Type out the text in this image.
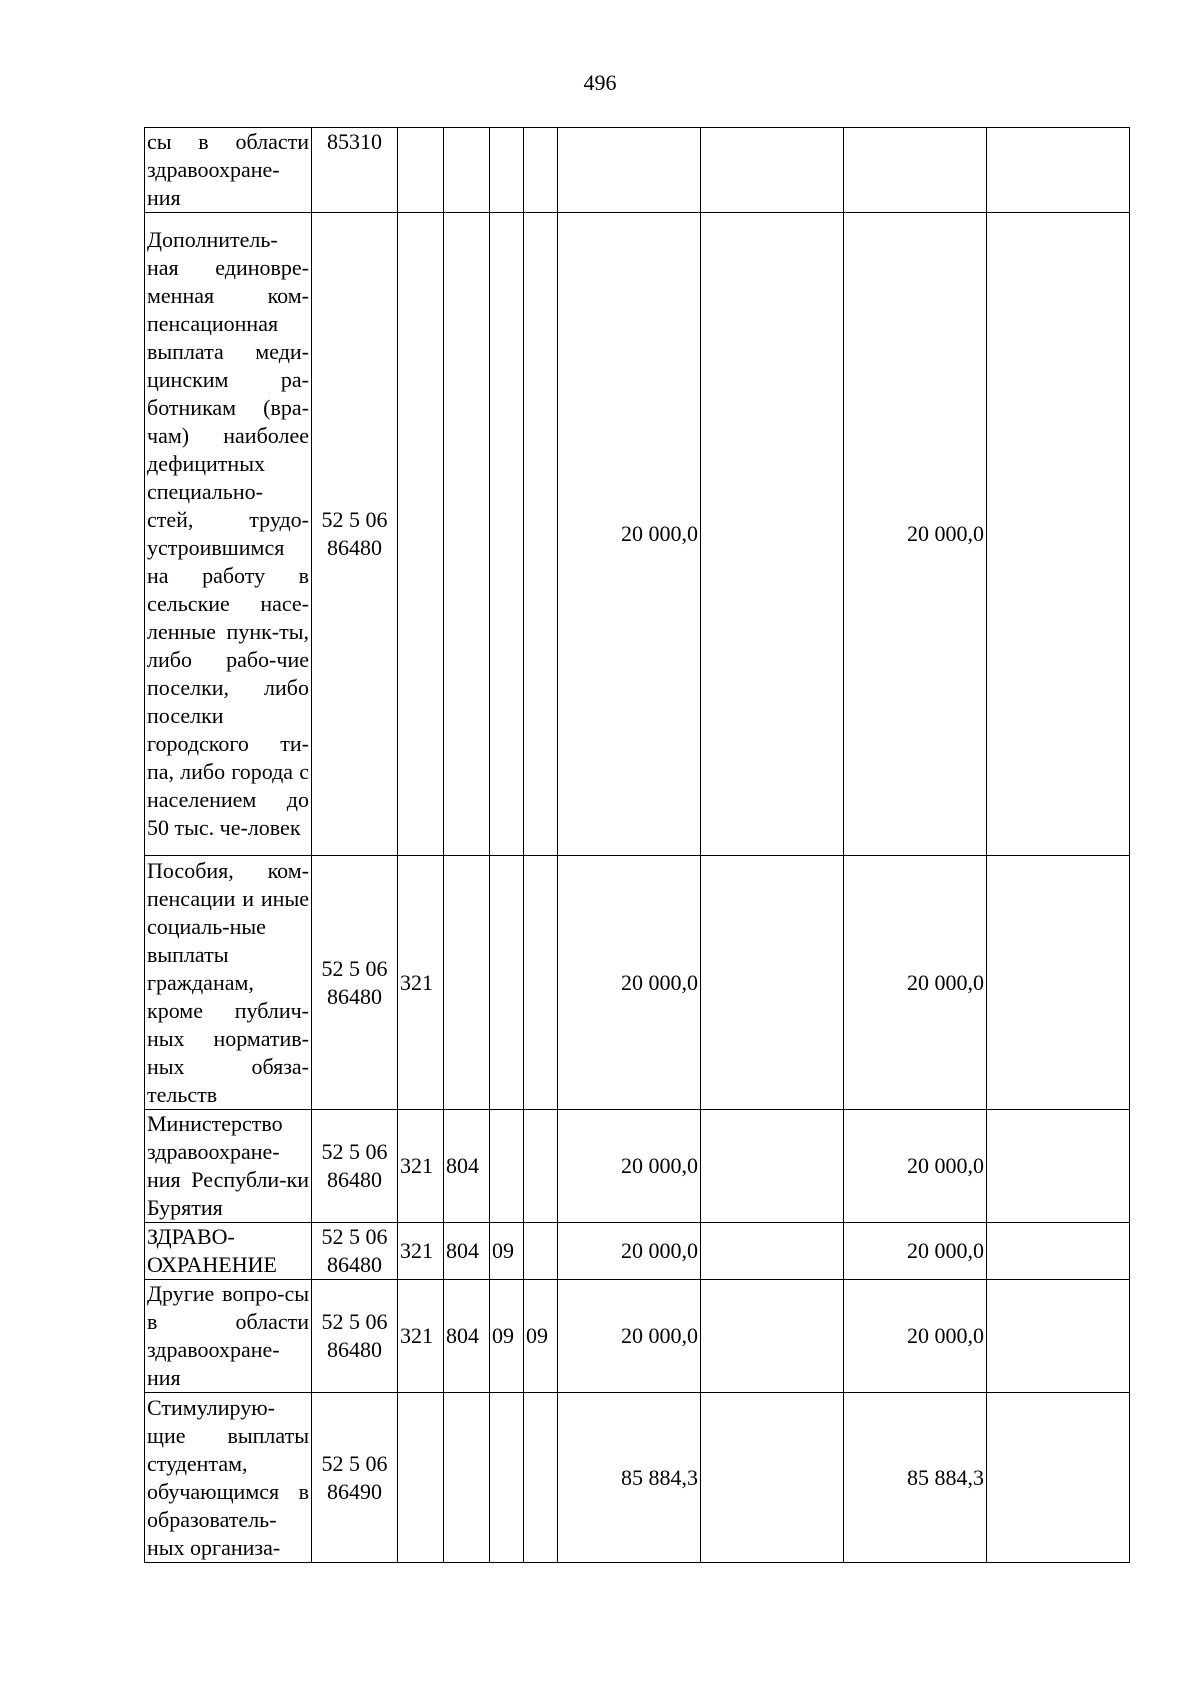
496
сы в области здравоохране-ния	85310								
Дополнитель-ная единовре-менная ком-пенсационная выплата меди-цинским ра-ботникам (вра-чам) наиболее дефицитных специально-стей, трудо-устроившимся на работу в сельские насе-ленные пунк-ты, либо рабо-чие поселки, либо поселки городского ти-па, либо города с населением до 50 тыс. че-ловек	52 5 06 86480					20 000,0		20 000,0	
Пособия, ком-пенсации и иные социаль-ные выплаты гражданам, кроме публич-ных норматив-ных обяза-тельств	52 5 06 86480	321				20 000,0		20 000,0	
Министерство здравоохране-ния Республи-ки Бурятия	52 5 06 86480	321	804			20 000,0		20 000,0	
ЗДРАВО-ОХРАНЕНИЕ	52 5 06 86480	321	804	09		20 000,0		20 000,0	
Другие вопро-сы в области здравоохране-ния	52 5 06 86480	321	804	09	09	20 000,0		20 000,0	
Стимулирую-щие выплаты студентам, обучающимся в образователь-ных организа-	52 5 06 86490					85 884,3		85 884,3	
